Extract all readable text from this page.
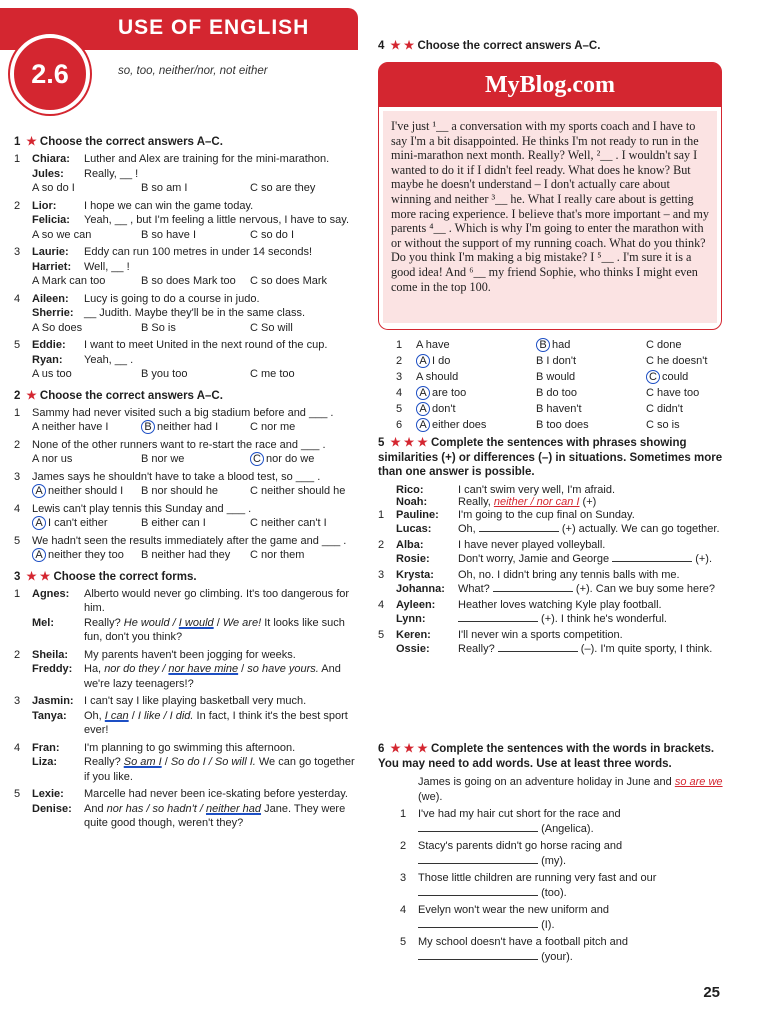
2.6
USE OF ENGLISH
so, too, neither/nor, not either
1 ★ Choose the correct answers A–C.
1 Chiara:	Luther and Alex are training for the mini-marathon.
Jules:	Really, __ !
A so do I	B so am I	C so are they
2 Lior:	I hope we can win the game today.
Felicia:	Yeah, __ , but I'm feeling a little nervous, I have to say.
A so we can	B so have I	C so do I
3 Laurie:	Eddy can run 100 metres in under 14 seconds!
Harriet:	Well, __ !
A Mark can too	B so does Mark too	C so does Mark
4 Aileen:	Lucy is going to do a course in judo.
Sherrie: __ Judith. Maybe they'll be in the same class.
A So does	B So is	C So will
5 Eddie:	I want to meet United in the next round of the cup.
Ryan:	Yeah, __ .
A us too	B you too	C me too
2 ★ Choose the correct answers A–C.
1 Sammy had never visited such a big stadium before and ___ .
A neither have I	B neither had I	C nor me
2 None of the other runners want to re-start the race and ___ .
A nor us	B nor we	C nor do we
3 James says he shouldn't have to take a blood test, so ___ .
A neither should I	B nor should he	C neither should he
4 Lewis can't play tennis this Sunday and ___ .
A I can't either	B either can I	C neither can't I
5 We hadn't seen the results immediately after the game and ___ .
A neither they too	B neither had they	C nor them
3 ★ ★ Choose the correct forms.
1 Agnes:	Alberto would never go climbing. It's too dangerous for him.
Mel:	Really? He would / I would / We are! It looks like such fun, don't you think?
2 Sheila:	My parents haven't been jogging for weeks.
Freddy:	Ha, nor do they / nor have mine / so have yours. And we're lazy teenagers!?
3 Jasmin: I can't say I like playing basketball very much.
Tanya:	Oh, I can / I like / I did. In fact, I think it's the best sport ever!
4 Fran:	I'm planning to go swimming this afternoon.
Liza:	Really? So am I / So do I / So will I. We can go together if you like.
5 Lexie:	Marcelle had never been ice-skating before yesterday.
Denise:	And nor has / so hadn't / neither had Jane. They were quite good though, weren't they?
4 ★ ★ Choose the correct answers A–C.
MyBlog.com
I've just ¹__ a conversation with my sports coach and I have to say I'm a bit disappointed. He thinks I'm not ready to run in the mini-marathon next month. Really? Well, ²__ . I wouldn't say I wanted to do it if I didn't feel ready. What does he know? But maybe he doesn't understand – I don't actually care about winning and neither ³__ he. What I really care about is getting more racing experience. I believe that's more important – and my parents ⁴__ . Which is why I'm going to enter the marathon with or without the support of my running coach. What do you think? Do you think I'm making a big mistake? I ⁵__ . I'm sure it is a good idea! And ⁶__ my friend Sophie, who thinks I might even come in the top 100.
1	A have	B had	C done
2	A I do	B I don't	C he doesn't
3	A should	B would	C could
4	A are too	B do too	C have too
5	A don't	B haven't	C didn't
6	A either does	B too does	C so is
5 ★ ★ ★ Complete the sentences with phrases showing similarities (+) or differences (–) in situations. Sometimes more than one answer is possible.
Rico:	I can't swim very well, I'm afraid.
Noah:	Really, neither / nor can I (+)
1 Pauline:	I'm going to the cup final on Sunday.
Lucas:	Oh,	(+) actually. We can go together.
2 Alba:	I have never played volleyball.
Rosie:	Don't worry, Jamie and George	(+).
3 Krysta:	Oh, no. I didn't bring any tennis balls with me.
Johanna:	What?	(+). Can we buy some here?
4 Ayleen:	Heather loves watching Kyle play football.
Lynn:	(+). I think he's wonderful.
5 Keren:	I'll never win a sports competition.
Ossie:	Really?	(–). I'm quite sporty, I think.
6 ★ ★ ★ Complete the sentences with the words in brackets. You may need to add words. Use at least three words.
James is going on an adventure holiday in June and so are we (we).
1 I've had my hair cut short for the race and
(Angelica).
2 Stacy's parents didn't go horse racing and
(my).
3 Those little children are running very fast and our
(too).
4 Evelyn won't wear the new uniform and
(I).
5 My school doesn't have a football pitch and
(your).
25
